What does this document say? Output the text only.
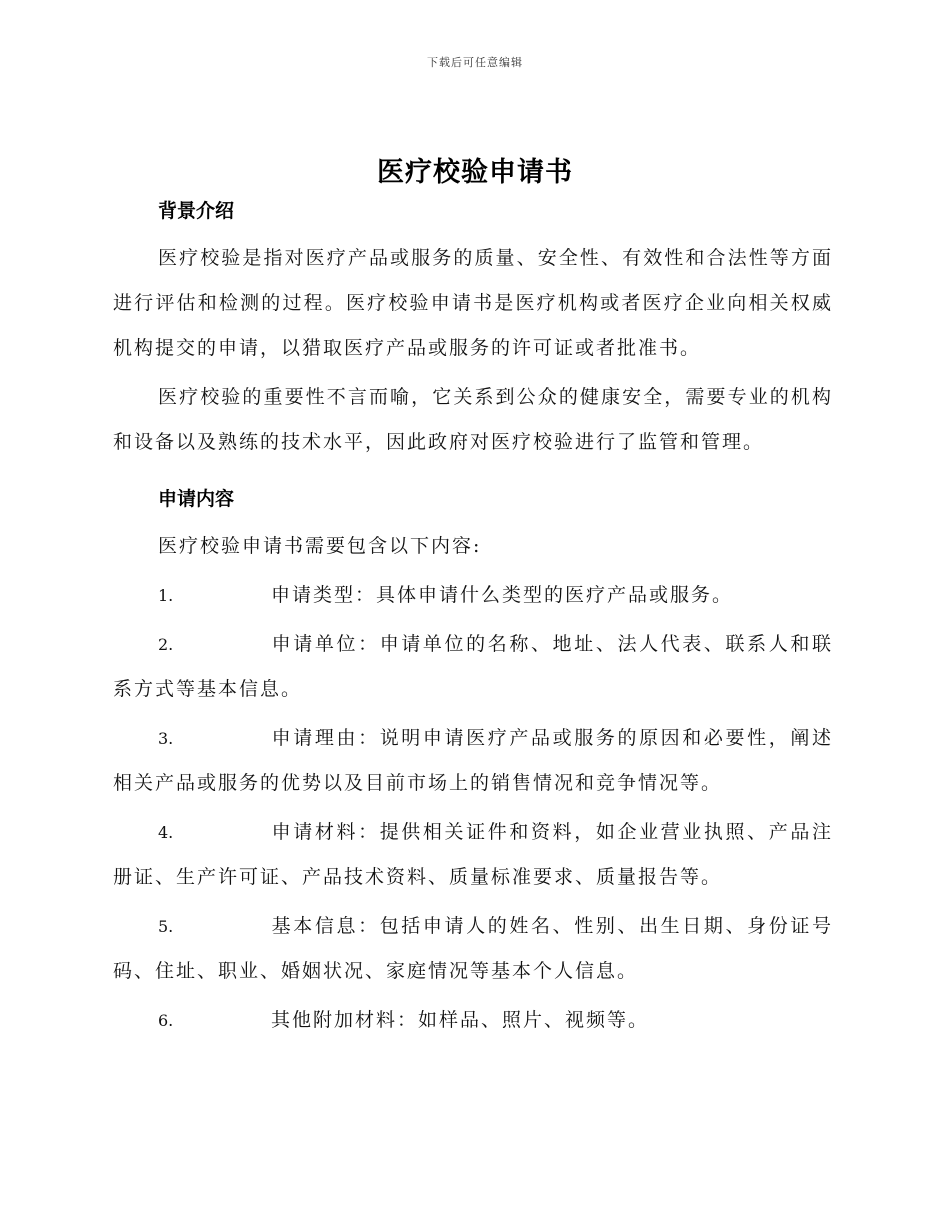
下载后可任意编辑
医疗校验申请书
背景介绍

医疗校验是指对医疗产品或服务的质量、安全性、有效性和合法性等方面进行评估和检测的过程。医疗校验申请书是医疗机构或者医疗企业向相关权威机构提交的申请，以猎取医疗产品或服务的许可证或者批准书。

医疗校验的重要性不言而喻，它关系到公众的健康安全，需要专业的机构和设备以及熟练的技术水平，因此政府对医疗校验进行了监管和管理。

申请内容

医疗校验申请书需要包含以下内容:

1.	申请类型：具体申请什么类型的医疗产品或服务。

2.	申请单位：申请单位的名称、地址、法人代表、联系人和联系方式等基本信息。

3.	申请理由：说明申请医疗产品或服务的原因和必要性，阐述相关产品或服务的优势以及目前市场上的销售情况和竞争情况等。

4.	申请材料：提供相关证件和资料，如企业营业执照、产品注册证、生产许可证、产品技术资料、质量标准要求、质量报告等。

5.	基本信息：包括申请人的姓名、性别、出生日期、身份证号码、住址、职业、婚姻状况、家庭情况等基本个人信息。

6.	其他附加材料：如样品、照片、视频等。
